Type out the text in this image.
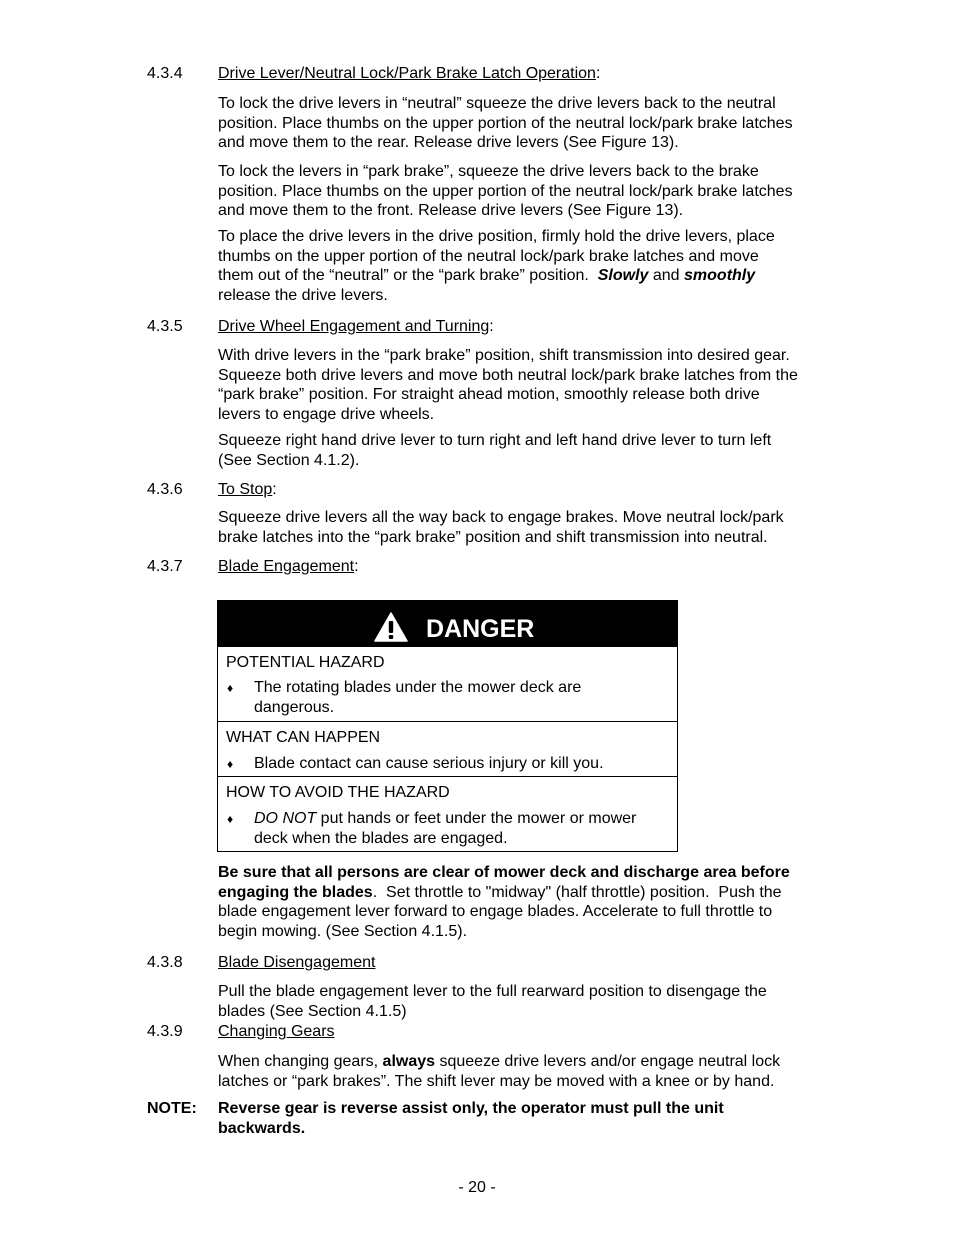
4.3.4 Drive Lever/Neutral Lock/Park Brake Latch Operation:
To lock the drive levers in “neutral” squeeze the drive levers back to the neutral
position. Place thumbs on the upper portion of the neutral lock/park brake latches
and move them to the rear. Release drive levers (See Figure 13).
To lock the levers in “park brake”, squeeze the drive levers back to the brake
position. Place thumbs on the upper portion of the neutral lock/park brake latches
and move them to the front. Release drive levers (See Figure 13).
To place the drive levers in the drive position, firmly hold the drive levers, place
thumbs on the upper portion of the neutral lock/park brake latches and move
them out of the “neutral” or the “park brake” position.  Slowly and smoothly
release the drive levers.
4.3.5 Drive Wheel Engagement and Turning:
With drive levers in the “park brake” position, shift transmission into desired gear.
Squeeze both drive levers and move both neutral lock/park brake latches from the
“park brake” position. For straight ahead motion, smoothly release both drive
levers to engage drive wheels.
Squeeze right hand drive lever to turn right and left hand drive lever to turn left
(See Section 4.1.2).
4.3.6 To Stop:
Squeeze drive levers all the way back to engage brakes. Move neutral lock/park
brake latches into the “park brake” position and shift transmission into neutral.
4.3.7 Blade Engagement:
DANGER
POTENTIAL HAZARD
♦ The rotating blades under the mower deck are
dangerous.
WHAT CAN HAPPEN
♦ Blade contact can cause serious injury or kill you.
HOW TO AVOID THE HAZARD
♦ DO NOT put hands or feet under the mower or mower
deck when the blades are engaged.
Be sure that all persons are clear of mower deck and discharge area before
engaging the blades.  Set throttle to "midway" (half throttle) position.  Push the
blade engagement lever forward to engage blades. Accelerate to full throttle to
begin mowing. (See Section 4.1.5).
4.3.8 Blade Disengagement
Pull the blade engagement lever to the full rearward position to disengage the
blades (See Section 4.1.5)
4.3.9 Changing Gears
When changing gears, always squeeze drive levers and/or engage neutral lock
latches or “park brakes”. The shift lever may be moved with a knee or by hand.
NOTE: Reverse gear is reverse assist only, the operator must pull the unit
backwards.
- 20 -
